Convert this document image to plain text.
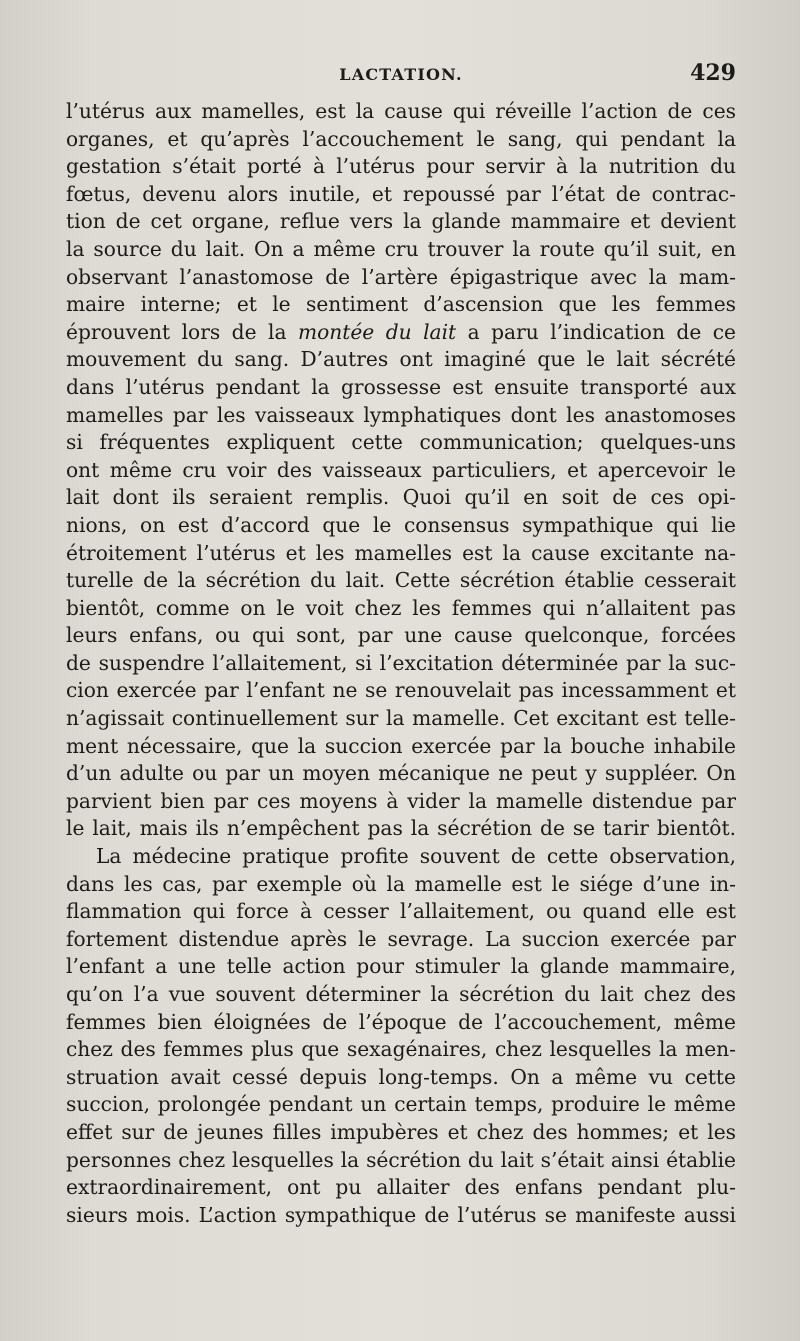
LACTATION.	429
l’utérus aux mamelles, est la cause qui réveille l’action de ces
organes, et qu’après l’accouchement le sang, qui pendant la
gestation s’était porté à l’utérus pour servir à la nutrition du
fœtus, devenu alors inutile, et repoussé par l’état de contrac-
tion de cet organe, reflue vers la glande mammaire et devient
la source du lait. On a même cru trouver la route qu’il suit, en
observant l’anastomose de l’artère épigastrique avec la mam-
maire interne; et le sentiment d’ascension que les femmes
éprouvent lors de la montée du lait a paru l’indication de ce
mouvement du sang. D’autres ont imaginé que le lait sécrété
dans l’utérus pendant la grossesse est ensuite transporté aux
mamelles par les vaisseaux lymphatiques dont les anastomoses
si fréquentes expliquent cette communication; quelques-uns
ont même cru voir des vaisseaux particuliers, et apercevoir le
lait dont ils seraient remplis. Quoi qu’il en soit de ces opi-
nions, on est d’accord que le consensus sympathique qui lie
étroitement l’utérus et les mamelles est la cause excitante na-
turelle de la sécrétion du lait. Cette sécrétion établie cesserait
bientôt, comme on le voit chez les femmes qui n’allaitent pas
leurs enfans, ou qui sont, par une cause quelconque, forcées
de suspendre l’allaitement, si l’excitation déterminée par la suc-
cion exercée par l’enfant ne se renouvelait pas incessamment et
n’agissait continuellement sur la mamelle. Cet excitant est telle-
ment nécessaire, que la succion exercée par la bouche inhabile
d’un adulte ou par un moyen mécanique ne peut y suppléer. On
parvient bien par ces moyens à vider la mamelle distendue par
le lait, mais ils n’empêchent pas la sécrétion de se tarir bientôt.
La médecine pratique profite souvent de cette observation,
dans les cas, par exemple où la mamelle est le siége d’une in-
flammation qui force à cesser l’allaitement, ou quand elle est
fortement distendue après le sevrage. La succion exercée par
l’enfant a une telle action pour stimuler la glande mammaire,
qu’on l’a vue souvent déterminer la sécrétion du lait chez des
femmes bien éloignées de l’époque de l’accouchement, même
chez des femmes plus que sexagénaires, chez lesquelles la men-
struation avait cessé depuis long-temps. On a même vu cette
succion, prolongée pendant un certain temps, produire le même
effet sur de jeunes filles impubères et chez des hommes; et les
personnes chez lesquelles la sécrétion du lait s’était ainsi établie
extraordinairement, ont pu allaiter des enfans pendant plu-
sieurs mois. L’action sympathique de l’utérus se manifeste aussi
